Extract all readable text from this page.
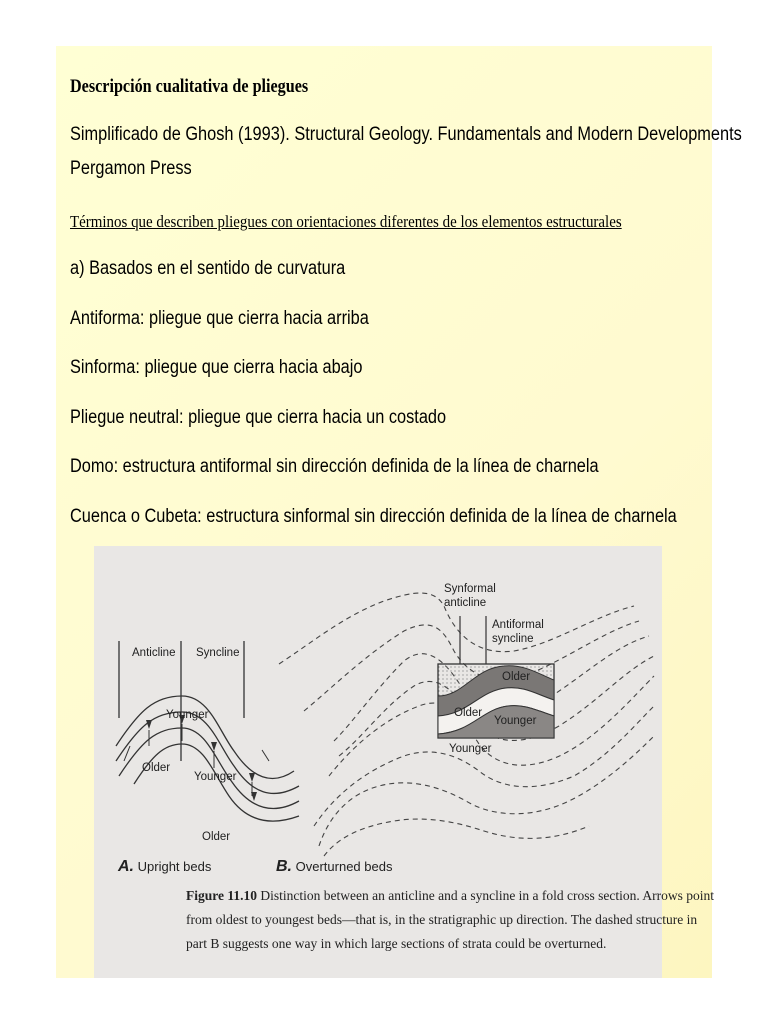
Descripción cualitativa de pliegues
Simplificado de Ghosh (1993). Structural Geology. Fundamentals and Modern Developments
Pergamon Press
Términos que describen pliegues con orientaciones diferentes de los elementos estructurales
a) Basados en el sentido de curvatura
Antiforma: pliegue que cierra hacia arriba
Sinforma: pliegue que cierra hacia abajo
Pliegue neutral: pliegue que cierra hacia un costado
Domo: estructura antiformal sin dirección definida de la línea de charnela
Cuenca o Cubeta: estructura sinformal sin dirección definida de la línea de charnela
Anticline Syncline
Younger
Older
Younger
Older
Synformal
anticline
Antiformal
syncline
Older
Older
Younger
Younger
A. Upright beds	B. Overturned beds
Figure 11.10 Distinction between an anticline and a syncline in a fold cross section. Arrows point
from oldest to youngest beds—that is, in the stratigraphic up direction. The dashed structure in
part B suggests one way in which large sections of strata could be overturned.
